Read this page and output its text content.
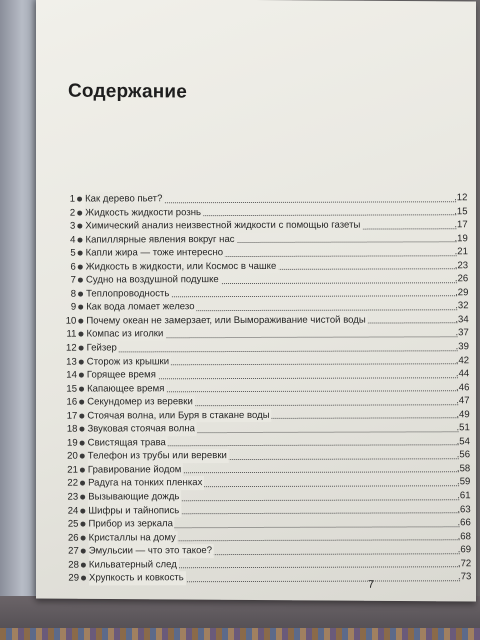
Содержание
1 Как дерево пьет?	.12
2 Жидкость жидкости рознь	.15
3 Химический анализ неизвестной жидкости с помощью газеты	.17
4 Капиллярные явления вокруг нас	.19
5 Капли жира — тоже интересно	.21
6 Жидкость в жидкости, или Космос в чашке	.23
7 Судно на воздушной подушке	.26
8 Теплопроводность	.29
9 Как вода ломает железо	.32
10 Почему океан не замерзает, или Вымораживание чистой воды	.34
11 Компас из иголки	.37
12 Гейзер	.39
13 Сторож из крышки	.42
14 Горящее время	.44
15 Капающее время	.46
16 Секундомер из веревки	.47
17 Стоячая волна, или Буря в стакане воды	.49
18 Звуковая стоячая волна	.51
19 Свистящая трава	.54
20 Телефон из трубы или веревки	.56
21 Гравирование йодом	.58
22 Радуга на тонких пленках	.59
23 Вызывающие дождь	.61
24 Шифры и тайнопись	.63
25 Прибор из зеркала	.66
26 Кристаллы на дому	.68
27 Эмульсии — что это такое?	.69
28 Кильватерный след	.72
29 Хрупкость и ковкость	.73
7
